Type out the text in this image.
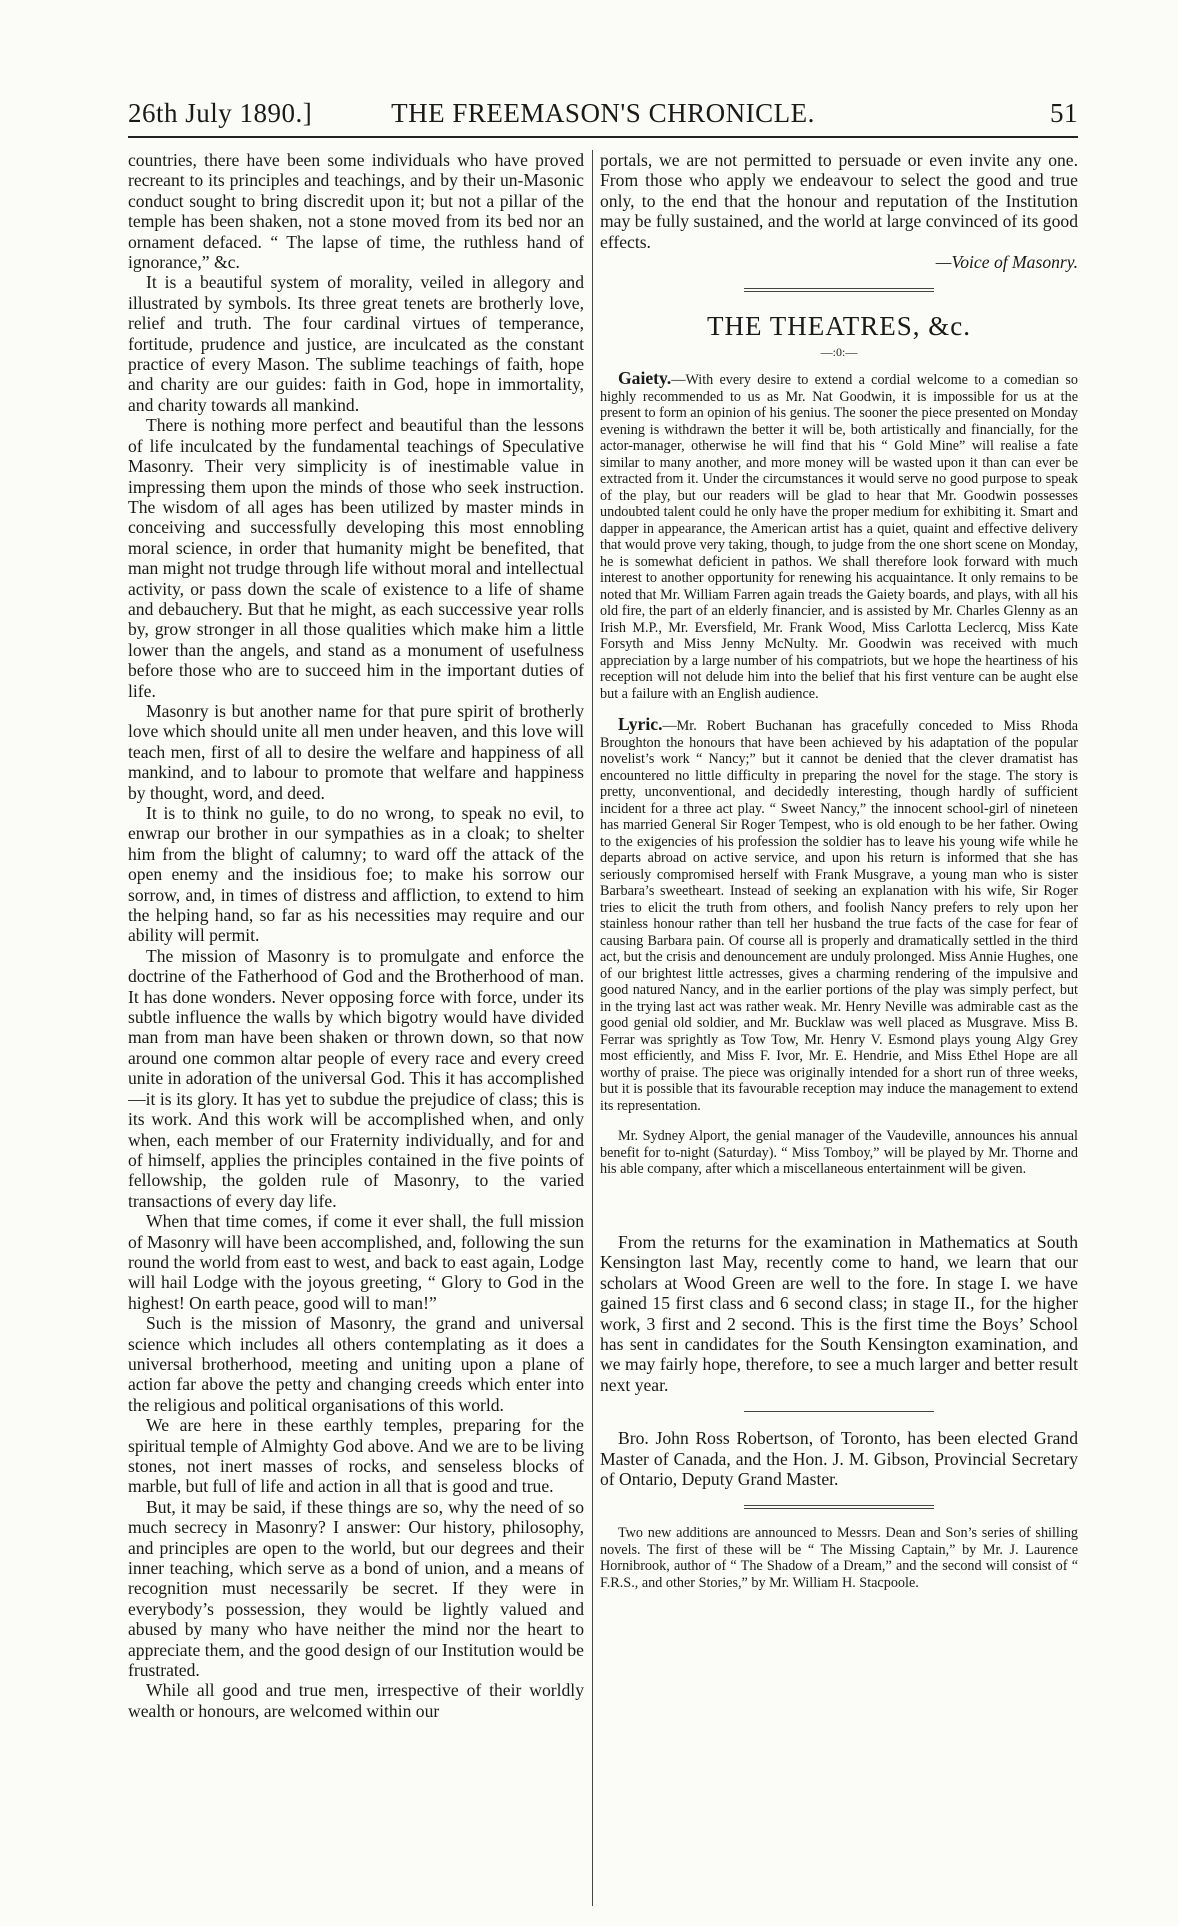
26th July 1890.]	THE FREEMASON'S CHRONICLE.	51

countries, there have been some individuals who have proved recreant to its principles and teachings, and by their un-Masonic conduct sought to bring discredit upon it; but not a pillar of the temple has been shaken, not a stone moved from its bed nor an ornament defaced. “ The lapse of time, the ruthless hand of ignorance,” &c.

It is a beautiful system of morality, veiled in allegory and illustrated by symbols. Its three great tenets are brotherly love, relief and truth. The four cardinal virtues of temperance, fortitude, prudence and justice, are inculcated as the constant practice of every Mason. The sublime teachings of faith, hope and charity are our guides: faith in God, hope in immortality, and charity towards all mankind.

There is nothing more perfect and beautiful than the lessons of life inculcated by the fundamental teachings of Speculative Masonry. Their very simplicity is of inestimable value in impressing them upon the minds of those who seek instruction. The wisdom of all ages has been utilized by master minds in conceiving and successfully developing this most ennobling moral science, in order that humanity might be benefited, that man might not trudge through life without moral and intellectual activity, or pass down the scale of existence to a life of shame and debauchery. But that he might, as each successive year rolls by, grow stronger in all those qualities which make him a little lower than the angels, and stand as a monument of usefulness before those who are to succeed him in the important duties of life.

Masonry is but another name for that pure spirit of brotherly love which should unite all men under heaven, and this love will teach men, first of all to desire the welfare and happiness of all mankind, and to labour to promote that welfare and happiness by thought, word, and deed.

It is to think no guile, to do no wrong, to speak no evil, to enwrap our brother in our sympathies as in a cloak; to shelter him from the blight of calumny; to ward off the attack of the open enemy and the insidious foe; to make his sorrow our sorrow, and, in times of distress and affliction, to extend to him the helping hand, so far as his necessities may require and our ability will permit.

The mission of Masonry is to promulgate and enforce the doctrine of the Fatherhood of God and the Brotherhood of man. It has done wonders. Never opposing force with force, under its subtle influence the walls by which bigotry would have divided man from man have been shaken or thrown down, so that now around one common altar people of every race and every creed unite in adoration of the universal God. This it has accomplished—it is its glory. It has yet to subdue the prejudice of class; this is its work. And this work will be accomplished when, and only when, each member of our Fraternity individually, and for and of himself, applies the principles contained in the five points of fellowship, the golden rule of Masonry, to the varied transactions of every day life.

When that time comes, if come it ever shall, the full mission of Masonry will have been accomplished, and, following the sun round the world from east to west, and back to east again, Lodge will hail Lodge with the joyous greeting, “ Glory to God in the highest! On earth peace, good will to man!”

Such is the mission of Masonry, the grand and universal science which includes all others contemplating as it does a universal brotherhood, meeting and uniting upon a plane of action far above the petty and changing creeds which enter into the religious and political organisations of this world.

We are here in these earthly temples, preparing for the spiritual temple of Almighty God above. And we are to be living stones, not inert masses of rocks, and senseless blocks of marble, but full of life and action in all that is good and true.

But, it may be said, if these things are so, why the need of so much secrecy in Masonry? I answer: Our history, philosophy, and principles are open to the world, but our degrees and their inner teaching, which serve as a bond of union, and a means of recognition must necessarily be secret. If they were in everybody’s possession, they would be lightly valued and abused by many who have neither the mind nor the heart to appreciate them, and the good design of our Institution would be frustrated.

While all good and true men, irrespective of their worldly wealth or honours, are welcomed within our

portals, we are not permitted to persuade or even invite any one. From those who apply we endeavour to select the good and true only, to the end that the honour and reputation of the Institution may be fully sustained, and the world at large convinced of its good effects.

—Voice of Masonry.

THE THEATRES, &c.
—:0:—

Gaiety.—With every desire to extend a cordial welcome to a comedian so highly recommended to us as Mr. Nat Goodwin, it is impossible for us at the present to form an opinion of his genius. The sooner the piece presented on Monday evening is withdrawn the better it will be, both artistically and financially, for the actor-manager, otherwise he will find that his “ Gold Mine” will realise a fate similar to many another, and more money will be wasted upon it than can ever be extracted from it. Under the circumstances it would serve no good purpose to speak of the play, but our readers will be glad to hear that Mr. Goodwin possesses undoubted talent could he only have the proper medium for exhibiting it. Smart and dapper in appearance, the American artist has a quiet, quaint and effective delivery that would prove very taking, though, to judge from the one short scene on Monday, he is somewhat deficient in pathos. We shall therefore look forward with much interest to another opportunity for renewing his acquaintance. It only remains to be noted that Mr. William Farren again treads the Gaiety boards, and plays, with all his old fire, the part of an elderly financier, and is assisted by Mr. Charles Glenny as an Irish M.P., Mr. Eversfield, Mr. Frank Wood, Miss Carlotta Leclercq, Miss Kate Forsyth and Miss Jenny McNulty. Mr. Goodwin was received with much appreciation by a large number of his compatriots, but we hope the heartiness of his reception will not delude him into the belief that his first venture can be aught else but a failure with an English audience.

Lyric.—Mr. Robert Buchanan has gracefully conceded to Miss Rhoda Broughton the honours that have been achieved by his adaptation of the popular novelist’s work “ Nancy;” but it cannot be denied that the clever dramatist has encountered no little difficulty in preparing the novel for the stage. The story is pretty, unconventional, and decidedly interesting, though hardly of sufficient incident for a three act play. “ Sweet Nancy,” the innocent school-girl of nineteen has married General Sir Roger Tempest, who is old enough to be her father. Owing to the exigencies of his profession the soldier has to leave his young wife while he departs abroad on active service, and upon his return is informed that she has seriously compromised herself with Frank Musgrave, a young man who is sister Barbara’s sweetheart. Instead of seeking an explanation with his wife, Sir Roger tries to elicit the truth from others, and foolish Nancy prefers to rely upon her stainless honour rather than tell her husband the true facts of the case for fear of causing Barbara pain. Of course all is properly and dramatically settled in the third act, but the crisis and denouncement are unduly prolonged. Miss Annie Hughes, one of our brightest little actresses, gives a charming rendering of the impulsive and good natured Nancy, and in the earlier portions of the play was simply perfect, but in the trying last act was rather weak. Mr. Henry Neville was admirable cast as the good genial old soldier, and Mr. Bucklaw was well placed as Musgrave. Miss B. Ferrar was sprightly as Tow Tow, Mr. Henry V. Esmond plays young Algy Grey most efficiently, and Miss F. Ivor, Mr. E. Hendrie, and Miss Ethel Hope are all worthy of praise. The piece was originally intended for a short run of three weeks, but it is possible that its favourable reception may induce the management to extend its representation.

Mr. Sydney Alport, the genial manager of the Vaudeville, announces his annual benefit for to-night (Saturday). “ Miss Tomboy,” will be played by Mr. Thorne and his able company, after which a miscellaneous entertainment will be given.

From the returns for the examination in Mathematics at South Kensington last May, recently come to hand, we learn that our scholars at Wood Green are well to the fore. In stage I. we have gained 15 first class and 6 second class; in stage II., for the higher work, 3 first and 2 second. This is the first time the Boys’ School has sent in candidates for the South Kensington examination, and we may fairly hope, therefore, to see a much larger and better result next year.

Bro. John Ross Robertson, of Toronto, has been elected Grand Master of Canada, and the Hon. J. M. Gibson, Provincial Secretary of Ontario, Deputy Grand Master.

Two new additions are announced to Messrs. Dean and Son’s series of shilling novels. The first of these will be “ The Missing Captain,” by Mr. J. Laurence Hornibrook, author of “ The Shadow of a Dream,” and the second will consist of “ F.R.S., and other Stories,” by Mr. William H. Stacpoole.
